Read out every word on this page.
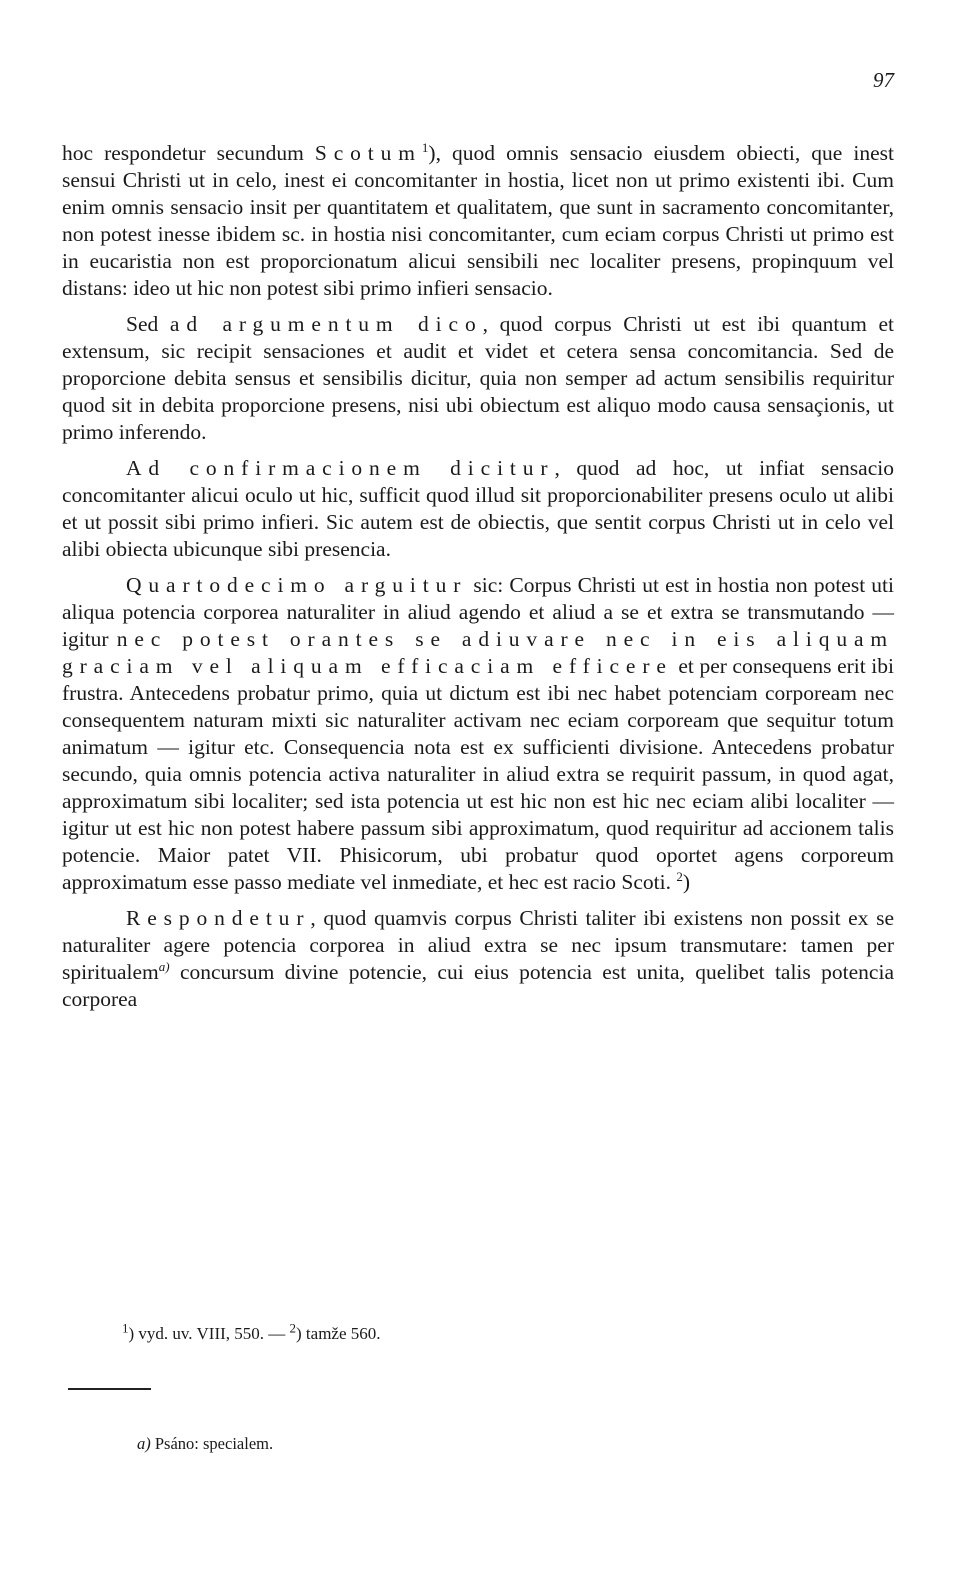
97

hoc respondetur secundum Scotum$^1$), quod omnis sensacio eiusdem obiecti, que inest sensui Christi ut in celo, inest ei concomitanter in hostia, licet non ut primo existenti ibi. Cum enim omnis sensacio insit per quantitatem et qualitatem, que sunt in sacramento concomitanter, non potest inesse ibidem sc. in hostia nisi concomitanter, cum eciam corpus Christi ut primo est in eucaristia non est proporcionatum alicui sensibili nec localiter presens, propinquum vel distans: ideo ut hic non potest sibi primo infieri sensacio.

Sed ad argumentum dico, quod corpus Christi ut est ibi quantum et extensum, sic recipit sensaciones et audit et videt et cetera sensa concomitancia. Sed de proporcione debita sensus et sensibilis dicitur, quia non semper ad actum sensibilis requiritur quod sit in debita proporcione presens, nisi ubi obiectum est aliquo modo causa sensaçionis, ut primo inferendo.

Ad confirmacionem dicitur, quod ad hoc, ut infiat sensacio concomitanter alicui oculo ut hic, sufficit quod illud sit proporcionabiliter presens oculo ut alibi et ut possit sibi primo infieri. Sic autem est de obiectis, que sentit corpus Christi ut in celo vel alibi obiecta ubicunque sibi presencia.

Quartodecimo arguitur sic: Corpus Christi ut est in hostia non potest uti aliqua potencia corporea naturaliter in aliud agendo et aliud a se et extra se transmutando — igitur nec potest orantes se adiuvare nec in eis aliquam graciam vel aliquam efficaciam efficere et per consequens erit ibi frustra. Antecedens probatur primo, quia ut dictum est ibi nec habet potenciam corpoream nec consequentem naturam mixti sic naturaliter activam nec eciam corpoream que sequitur totum animatum — igitur etc. Consequencia nota est ex sufficienti divisione. Antecedens probatur secundo, quia omnis potencia activa naturaliter in aliud extra se requirit passum, in quod agat, approximatum sibi localiter; sed ista potencia ut est hic non est hic nec eciam alibi localiter — igitur ut est hic non potest habere passum sibi approximatum, quod requiritur ad accionem talis potencie. Maior patet VII. Phisicorum, ubi probatur quod oportet agens corporeum approximatum esse passo mediate vel inmediate, et hec est racio Scoti. $^2$)

Respondetur, quod quamvis corpus Christi taliter ibi existens non possit ex se naturaliter agere potencia corporea in aliud extra se nec ipsum transmutare: tamen per spiritualem$^{a)}$ concursum divine potencie, cui eius potencia est unita, quelibet talis potencia corporea

$^1$) vyd. uv. VIII, 550. — $^2$) tamže 560.
a) Psáno: specialem.
